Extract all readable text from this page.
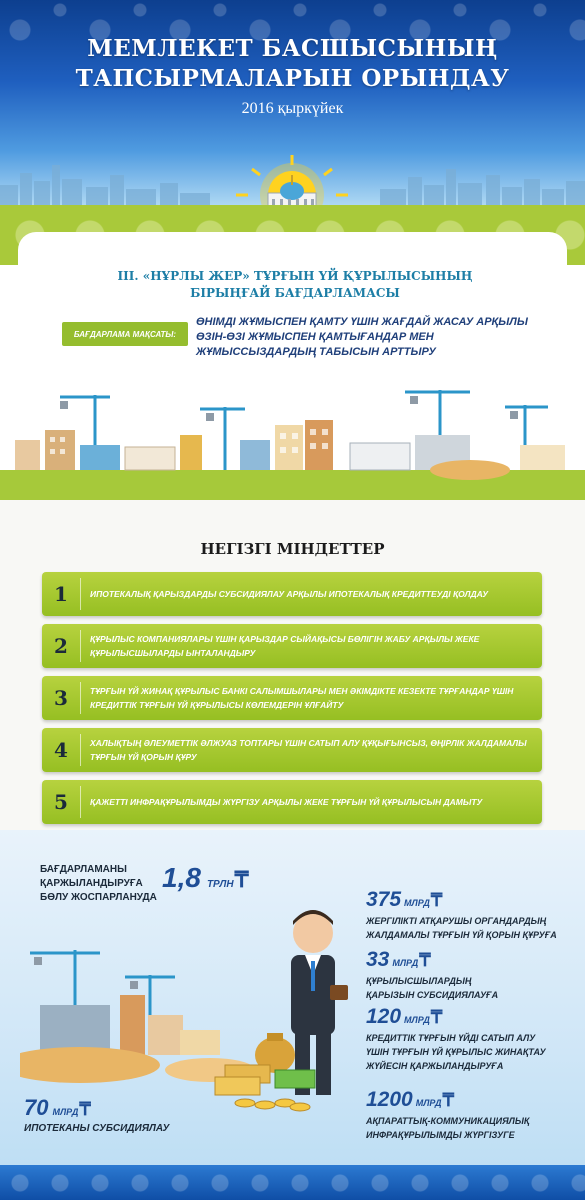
МЕМЛЕКЕТ БАСШЫСЫНЫҢ
ТАПСЫРМАЛАРЫН ОРЫНДАУ
2016 қыркүйек
ІІІ. «НҰРЛЫ ЖЕР» ТҰРҒЫН ҮЙ ҚҰРЫЛЫСЫНЫҢ
БІРЫҢҒАЙ БАҒДАРЛАМАСЫ
БАҒДАРЛАМА МАҚСАТЫ:
ӨНІМДІ ЖҰМЫСПЕН ҚАМТУ ҮШІН ЖАҒДАЙ ЖАСАУ АРҚЫЛЫ ӨЗІН-ӨЗІ ЖҰМЫСПЕН ҚАМТЫҒАНДАР МЕН ЖҰМЫССЫЗДАРДЫҢ ТАБЫСЫН АРТТЫРУ
НЕГІЗГІ МІНДЕТТЕР
1	ИПОТЕКАЛЫҚ ҚАРЫЗДАРДЫ СУБСИДИЯЛАУ АРҚЫЛЫ ИПОТЕКАЛЫҚ КРЕДИТТЕУДІ ҚОЛДАУ
2	ҚҰРЫЛЫС КОМПАНИЯЛАРЫ ҮШІН ҚАРЫЗДАР СЫЙАҚЫСЫ БӨЛІГІН ЖАБУ АРҚЫЛЫ ЖЕКЕ ҚҰРЫЛЫСШЫЛАРДЫ ЫНТАЛАНДЫРУ
3	ТҰРҒЫН ҮЙ ЖИНАҚ ҚҰРЫЛЫС БАНКІ САЛЫМШЫЛАРЫ МЕН ӘКІМДІКТЕ КЕЗЕКТЕ ТҰРҒАНДАР ҮШІН КРЕДИТТІК ТҰРҒЫН ҮЙ ҚҰРЫЛЫСЫ КӨЛЕМДЕРІН ҰЛҒАЙТУ
4	ХАЛЫҚТЫҢ ӘЛЕУМЕТТІК ӘЛЖУАЗ ТОПТАРЫ ҮШІН САТЫП АЛУ ҚҰҚЫҒЫНСЫЗ, ӨҢІРЛІК ЖАЛДАМАЛЫ ТҰРҒЫН ҮЙ ҚОРЫН ҚҰРУ
5	ҚАЖЕТТІ ИНФРАҚҰРЫЛЫМДЫ ЖҮРГІЗУ АРҚЫЛЫ ЖЕКЕ ТҰРҒЫН ҮЙ ҚҰРЫЛЫСЫН ДАМЫТУ
БАҒДАРЛАМАНЫ ҚАРЖЫЛАНДЫРУҒА БӨЛУ ЖОСПАРЛАНУДА
1,8 ТРЛН ₸
375 МЛРД ₸
ЖЕРГІЛІКТІ АТҚАРУШЫ ОРГАНДАРДЫҢ ЖАЛДАМАЛЫ ТҰРҒЫН ҮЙ ҚОРЫН ҚҰРУҒА
33 МЛРД ₸
ҚҰРЫЛЫСШЫЛАРДЫҢ ҚАРЫЗЫН СУБСИДИЯЛАУҒА
120 МЛРД ₸
КРЕДИТТІК ТҰРҒЫН ҮЙДІ САТЫП АЛУ ҮШІН ТҰРҒЫН ҮЙ ҚҰРЫЛЫС ЖИНАҚТАУ ЖҮЙЕСІН ҚАРЖЫЛАНДЫРУҒА
1200 МЛРД ₸
АҚПАРАТТЫҚ-КОММУНИКАЦИЯЛЫҚ ИНФРАҚҰРЫЛЫМДЫ ЖҮРГІЗУГЕ
70 МЛРД ₸
ИПОТЕКАНЫ СУБСИДИЯЛАУ
